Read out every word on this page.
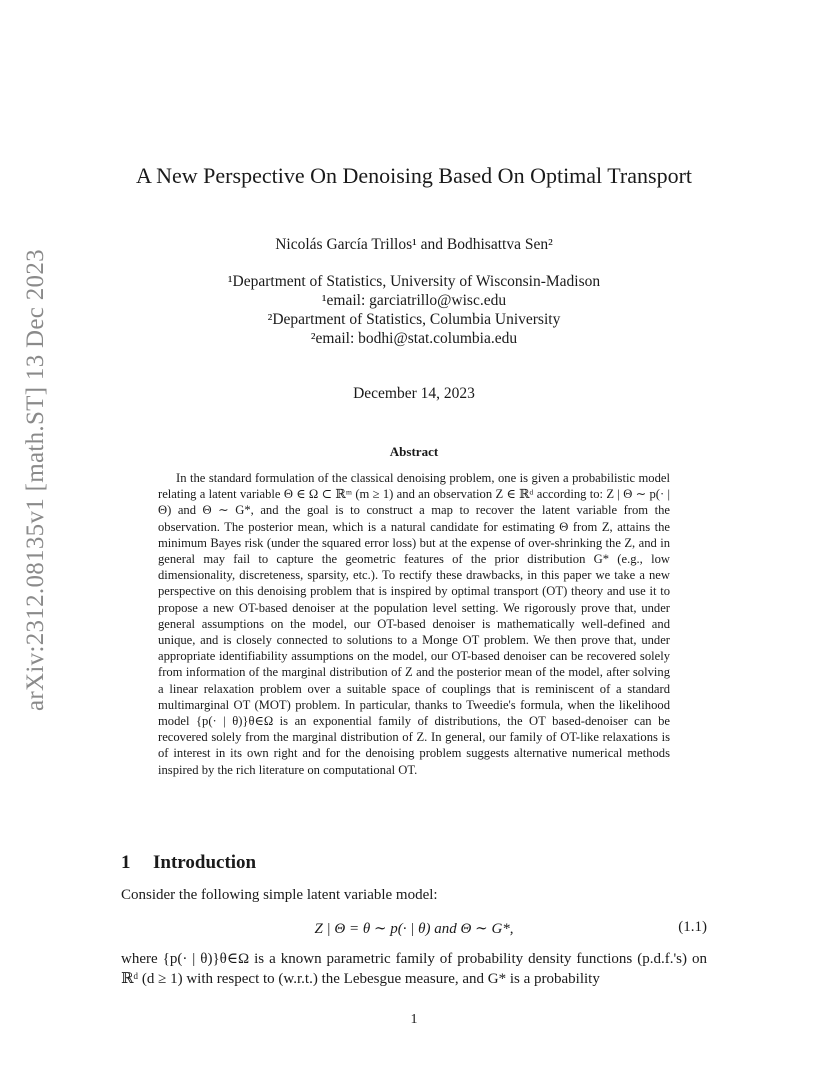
arXiv:2312.08135v1 [math.ST] 13 Dec 2023
A New Perspective On Denoising Based On Optimal Transport
Nicolás García Trillos¹ and Bodhisattva Sen²
¹Department of Statistics, University of Wisconsin-Madison
¹email: garciatrillo@wisc.edu
²Department of Statistics, Columbia University
²email: bodhi@stat.columbia.edu
December 14, 2023
Abstract
In the standard formulation of the classical denoising problem, one is given a probabilistic model relating a latent variable Θ ∈ Ω ⊂ ℝᵐ (m ≥ 1) and an observation Z ∈ ℝᵈ according to: Z | Θ ∼ p(· | Θ) and Θ ∼ G*, and the goal is to construct a map to recover the latent variable from the observation. The posterior mean, which is a natural candidate for estimating Θ from Z, attains the minimum Bayes risk (under the squared error loss) but at the expense of over-shrinking the Z, and in general may fail to capture the geometric features of the prior distribution G* (e.g., low dimensionality, discreteness, sparsity, etc.). To rectify these drawbacks, in this paper we take a new perspective on this denoising problem that is inspired by optimal transport (OT) theory and use it to propose a new OT-based denoiser at the population level setting. We rigorously prove that, under general assumptions on the model, our OT-based denoiser is mathematically well-defined and unique, and is closely connected to solutions to a Monge OT problem. We then prove that, under appropriate identifiability assumptions on the model, our OT-based denoiser can be recovered solely from information of the marginal distribution of Z and the posterior mean of the model, after solving a linear relaxation problem over a suitable space of couplings that is reminiscent of a standard multimarginal OT (MOT) problem. In particular, thanks to Tweedie's formula, when the likelihood model {p(· | θ)}θ∈Ω is an exponential family of distributions, the OT based-denoiser can be recovered solely from the marginal distribution of Z. In general, our family of OT-like relaxations is of interest in its own right and for the denoising problem suggests alternative numerical methods inspired by the rich literature on computational OT.
1 Introduction
Consider the following simple latent variable model:
Z | Θ = θ ∼ p(· | θ) and Θ ∼ G*,	(1.1)
where {p(· | θ)}θ∈Ω is a known parametric family of probability density functions (p.d.f.'s) on ℝᵈ (d ≥ 1) with respect to (w.r.t.) the Lebesgue measure, and G* is a probability
1
